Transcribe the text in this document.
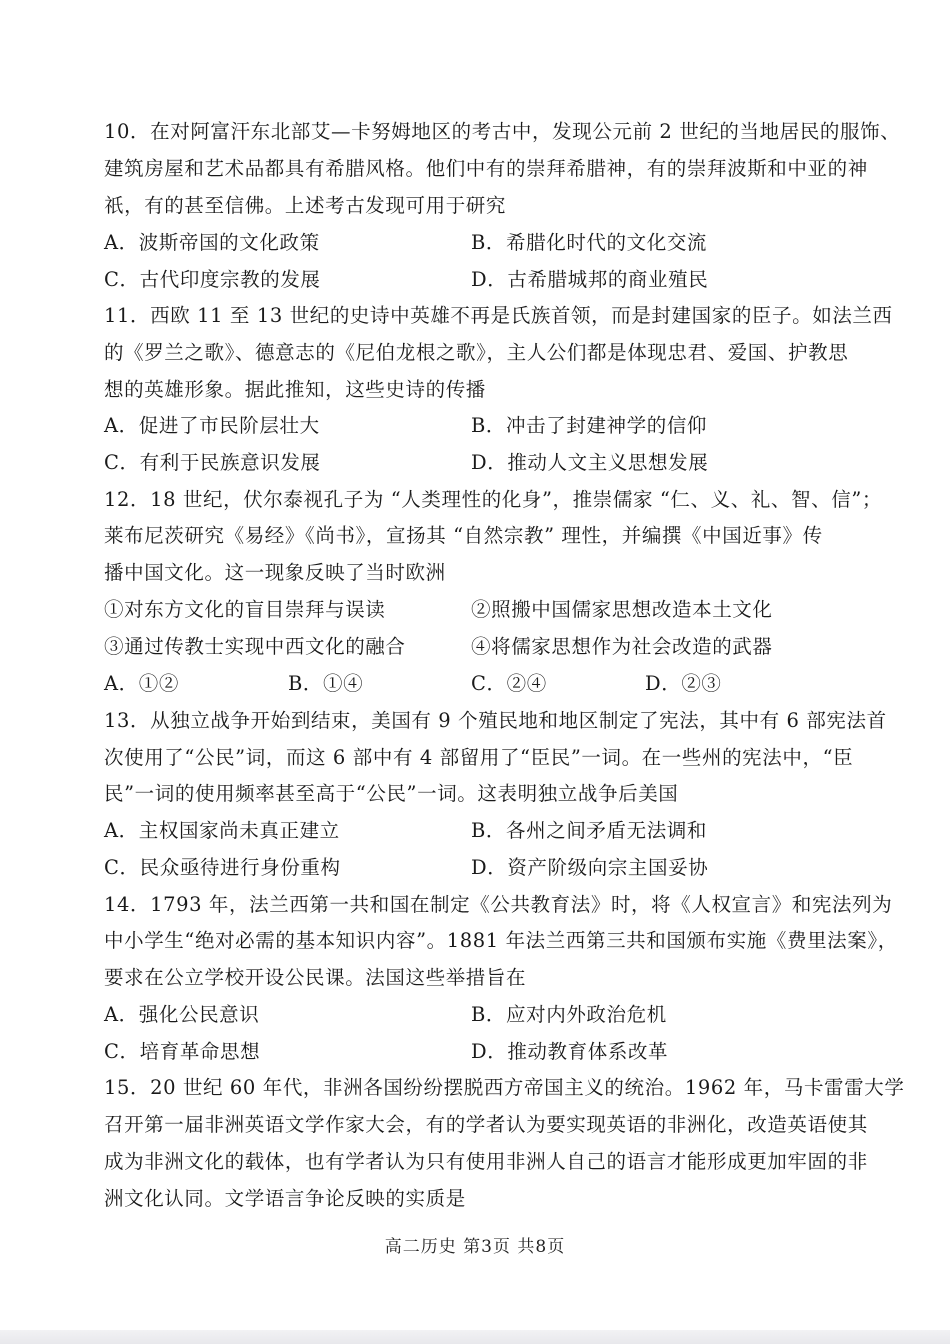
10．在对阿富汗东北部艾—卡努姆地区的考古中，发现公元前 2 世纪的当地居民的服饰、
建筑房屋和艺术品都具有希腊风格。他们中有的崇拜希腊神，有的崇拜波斯和中亚的神
祇，有的甚至信佛。上述考古发现可用于研究
A．波斯帝国的文化政策	B．希腊化时代的文化交流
C．古代印度宗教的发展	D．古希腊城邦的商业殖民
11．西欧 11 至 13 世纪的史诗中英雄不再是氏族首领，而是封建国家的臣子。如法兰西
的《罗兰之歌》、德意志的《尼伯龙根之歌》，主人公们都是体现忠君、爱国、护教思
想的英雄形象。据此推知，这些史诗的传播
A．促进了市民阶层壮大	B．冲击了封建神学的信仰
C．有利于民族意识发展	D．推动人文主义思想发展
12．18 世纪，伏尔泰视孔子为 “人类理性的化身”，推崇儒家 “仁、义、礼、智、信”；
莱布尼茨研究《易经》《尚书》，宣扬其 “自然宗教” 理性，并编撰《中国近事》传
播中国文化。这一现象反映了当时欧洲
①对东方文化的盲目崇拜与误读	②照搬中国儒家思想改造本土文化
③通过传教士实现中西文化的融合	④将儒家思想作为社会改造的武器
A．①②	B．①④	C．②④	D．②③
13．从独立战争开始到结束，美国有 9 个殖民地和地区制定了宪法，其中有 6 部宪法首
次使用了“公民”词，而这 6 部中有 4 部留用了“臣民”一词。在一些州的宪法中，“臣
民”一词的使用频率甚至高于“公民”一词。这表明独立战争后美国
A．主权国家尚未真正建立	B．各州之间矛盾无法调和
C．民众亟待进行身份重构	D．资产阶级向宗主国妥协
14．1793 年，法兰西第一共和国在制定《公共教育法》时，将《人权宣言》和宪法列为
中小学生“绝对必需的基本知识内容”。1881 年法兰西第三共和国颁布实施《费里法案》，
要求在公立学校开设公民课。法国这些举措旨在
A．强化公民意识	B．应对内外政治危机
C．培育革命思想	D．推动教育体系改革
15．20 世纪 60 年代，非洲各国纷纷摆脱西方帝国主义的统治。1962 年，马卡雷雷大学
召开第一届非洲英语文学作家大会，有的学者认为要实现英语的非洲化，改造英语使其
成为非洲文化的载体，也有学者认为只有使用非洲人自己的语言才能形成更加牢固的非
洲文化认同。文学语言争论反映的实质是
高二历史 第3页 共8页
